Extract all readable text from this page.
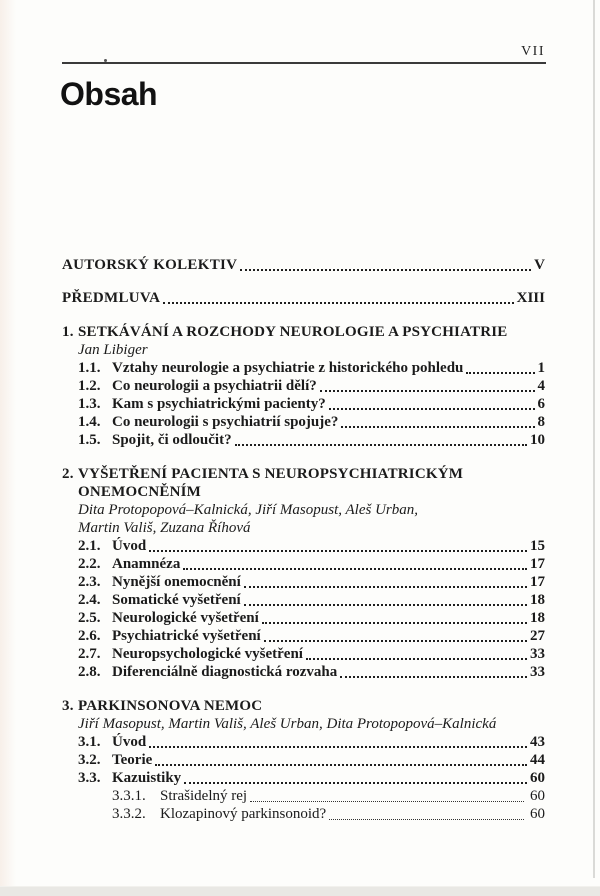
VII
Obsah
AUTORSKÝ KOLEKTIV	V
PŘEDMLUVA	XIII
1. SETKÁVÁNÍ A ROZCHODY NEUROLOGIE A PSYCHIATRIE
Jan Libiger
1.1. Vztahy neurologie a psychiatrie z historického pohledu	1
1.2. Co neurologii a psychiatrii dělí?	4
1.3. Kam s psychiatrickými pacienty?	6
1.4. Co neurologii s psychiatrií spojuje?	8
1.5. Spojit, či odloučit?	10
2. VYŠETŘENÍ PACIENTA S NEUROPSYCHIATRICKÝM
ONEMOCNĚNÍM
Dita Protopopová–Kalnická, Jiří Masopust, Aleš Urban,
Martin Vališ, Zuzana Říhová
2.1. Úvod	15
2.2. Anamnéza	17
2.3. Nynější onemocnění	17
2.4. Somatické vyšetření	18
2.5. Neurologické vyšetření	18
2.6. Psychiatrické vyšetření	27
2.7. Neuropsychologické vyšetření	33
2.8. Diferenciálně diagnostická rozvaha	33
3. PARKINSONOVA NEMOC
Jiří Masopust, Martin Vališ, Aleš Urban, Dita Protopopová–Kalnická
3.1. Úvod	43
3.2. Teorie	44
3.3. Kazuistiky	60
3.3.1. Strašidelný rej	60
3.3.2. Klozapinový parkinsonoid?	60
